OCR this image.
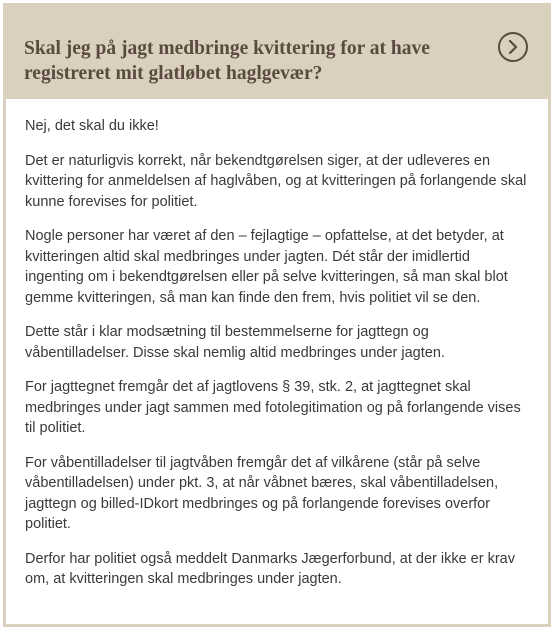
Skal jeg på jagt medbringe kvittering for at have registreret mit glatløbet haglgevær?

Nej, det skal du ikke!

Det er naturligvis korrekt, når bekendtgørelsen siger, at der udleveres en kvittering for anmeldelsen af haglvåben, og at kvitteringen på forlangende skal kunne forevises for politiet.

Nogle personer har været af den – fejlagtige – opfattelse, at det betyder, at kvitteringen altid skal medbringes under jagten. Dét står der imidlertid ingenting om i bekendtgørelsen eller på selve kvitteringen, så man skal blot gemme kvitteringen, så man kan finde den frem, hvis politiet vil se den.

Dette står i klar modsætning til bestemmelserne for jagttegn og våbentilladelser. Disse skal nemlig altid medbringes under jagten.

For jagttegnet fremgår det af jagtlovens § 39, stk. 2, at jagttegnet skal medbringes under jagt sammen med fotolegitimation og på forlangende vises til politiet.

For våbentilladelser til jagtvåben fremgår det af vilkårene (står på selve våbentilladelsen) under pkt. 3, at når våbnet bæres, skal våbentilladelsen, jagttegn og billed-IDkort medbringes og på forlangende forevises overfor politiet.

Derfor har politiet også meddelt Danmarks Jægerforbund, at der ikke er krav om, at kvitteringen skal medbringes under jagten.
